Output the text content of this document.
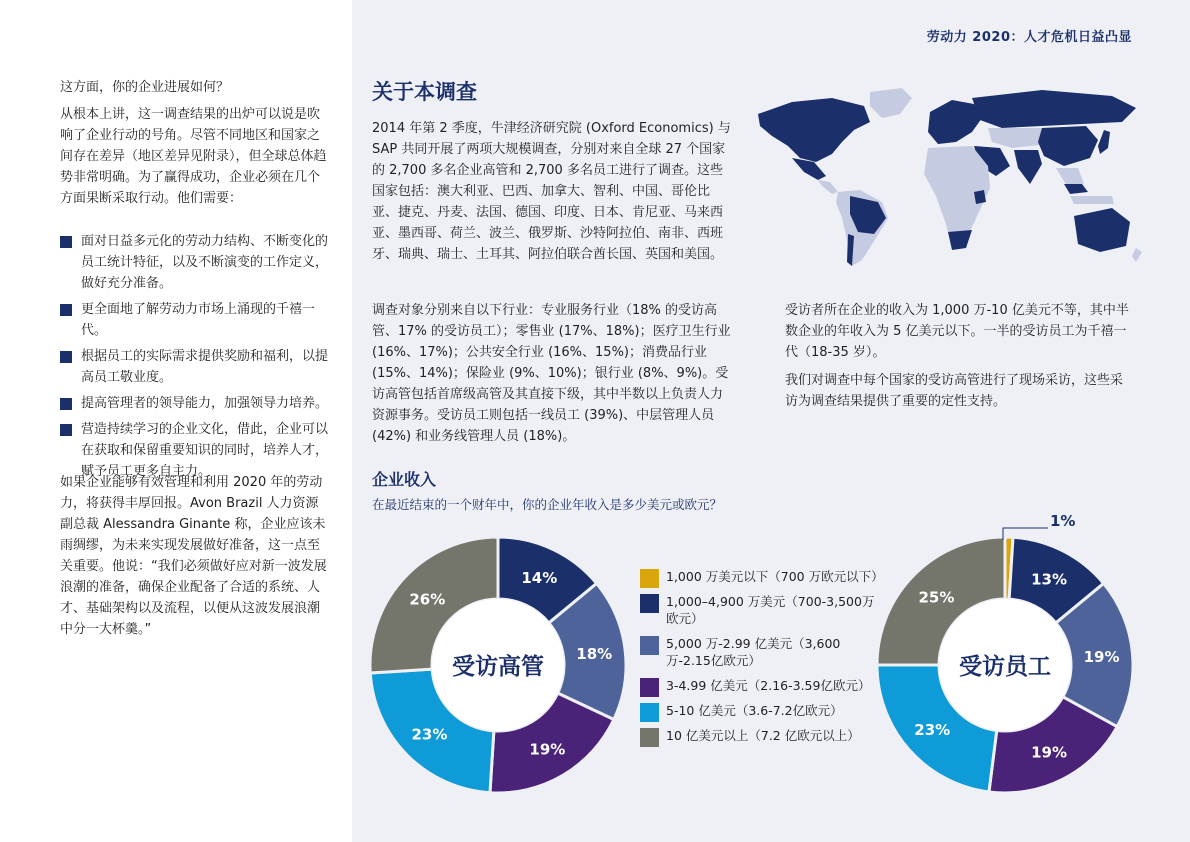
这方面，你的企业进展如何？
从根本上讲，这一调查结果的出炉可以说是吹响了企业行动的号角。尽管不同地区和国家之间存在差异（地区差异见附录），但全球总体趋势非常明确。为了赢得成功，企业必须在几个方面果断采取行动。他们需要：
面对日益多元化的劳动力结构、不断变化的员工统计特征，以及不断演变的工作定义，做好充分准备。
更全面地了解劳动力市场上涌现的千禧一代。
根据员工的实际需求提供奖励和福利，以提高员工敬业度。
提高管理者的领导能力，加强领导力培养。
营造持续学习的企业文化，借此，企业可以在获取和保留重要知识的同时，培养人才，赋予员工更多自主力。
如果企业能够有效管理和利用 2020 年的劳动力，将获得丰厚回报。Avon Brazil 人力资源副总裁 Alessandra Ginante 称，企业应该未雨绸缪，为未来实现发展做好准备，这一点至关重要。他说：“我们必须做好应对新一波发展浪潮的准备，确保企业配备了合适的系统、人才、基础架构以及流程，以便从这波发展浪潮中分一大杯羹。”
劳动力 2020：人才危机日益凸显
关于本调查
2014 年第 2 季度，牛津经济研究院 (Oxford Economics) 与 SAP 共同开展了两项大规模调查，分别对来自全球 27 个国家的 2,700 多名企业高管和 2,700 多名员工进行了调查。这些国家包括：澳大利亚、巴西、加拿大、智利、中国、哥伦比亚、捷克、丹麦、法国、德国、印度、日本、肯尼亚、马来西亚、墨西哥、荷兰、波兰、俄罗斯、沙特阿拉伯、南非、西班牙、瑞典、瑞士、土耳其、阿拉伯联合酋长国、英国和美国。
调查对象分别来自以下行业：专业服务行业（18% 的受访高管、17% 的受访员工）；零售业 (17%、18%)；医疗卫生行业 (16%、17%)；公共安全行业 (16%、15%)；消费品行业 (15%、14%)；保险业 (9%、10%)；银行业 (8%、9%)。受访高管包括首席级高管及其直接下级，其中半数以上负责人力资源事务。受访员工则包括一线员工 (39%)、中层管理人员 (42%) 和业务线管理人员 (18%)。
受访者所在企业的收入为 1,000 万-10 亿美元不等，其中半数企业的年收入为 5 亿美元以下。一半的受访员工为千禧一代（18-35 岁）。
我们对调查中每个国家的受访高管进行了现场采访，这些采访为调查结果提供了重要的定性支持。
企业收入
在最近结束的一个财年中，你的企业年收入是多少美元或欧元？
受访高管
14%
18%
19%
23%
26%
1,000 万美元以下（700 万欧元以下）
1,000–4,900 万美元（700-3,500万欧元）
5,000 万-2.99 亿美元（3,600 万-2.15亿欧元）
3-4.99 亿美元（2.16-3.59亿欧元）
5-10 亿美元（3.6-7.2亿欧元）
10 亿美元以上（7.2 亿欧元以上）
受访员工
13%
19%
19%
23%
25%
1%
